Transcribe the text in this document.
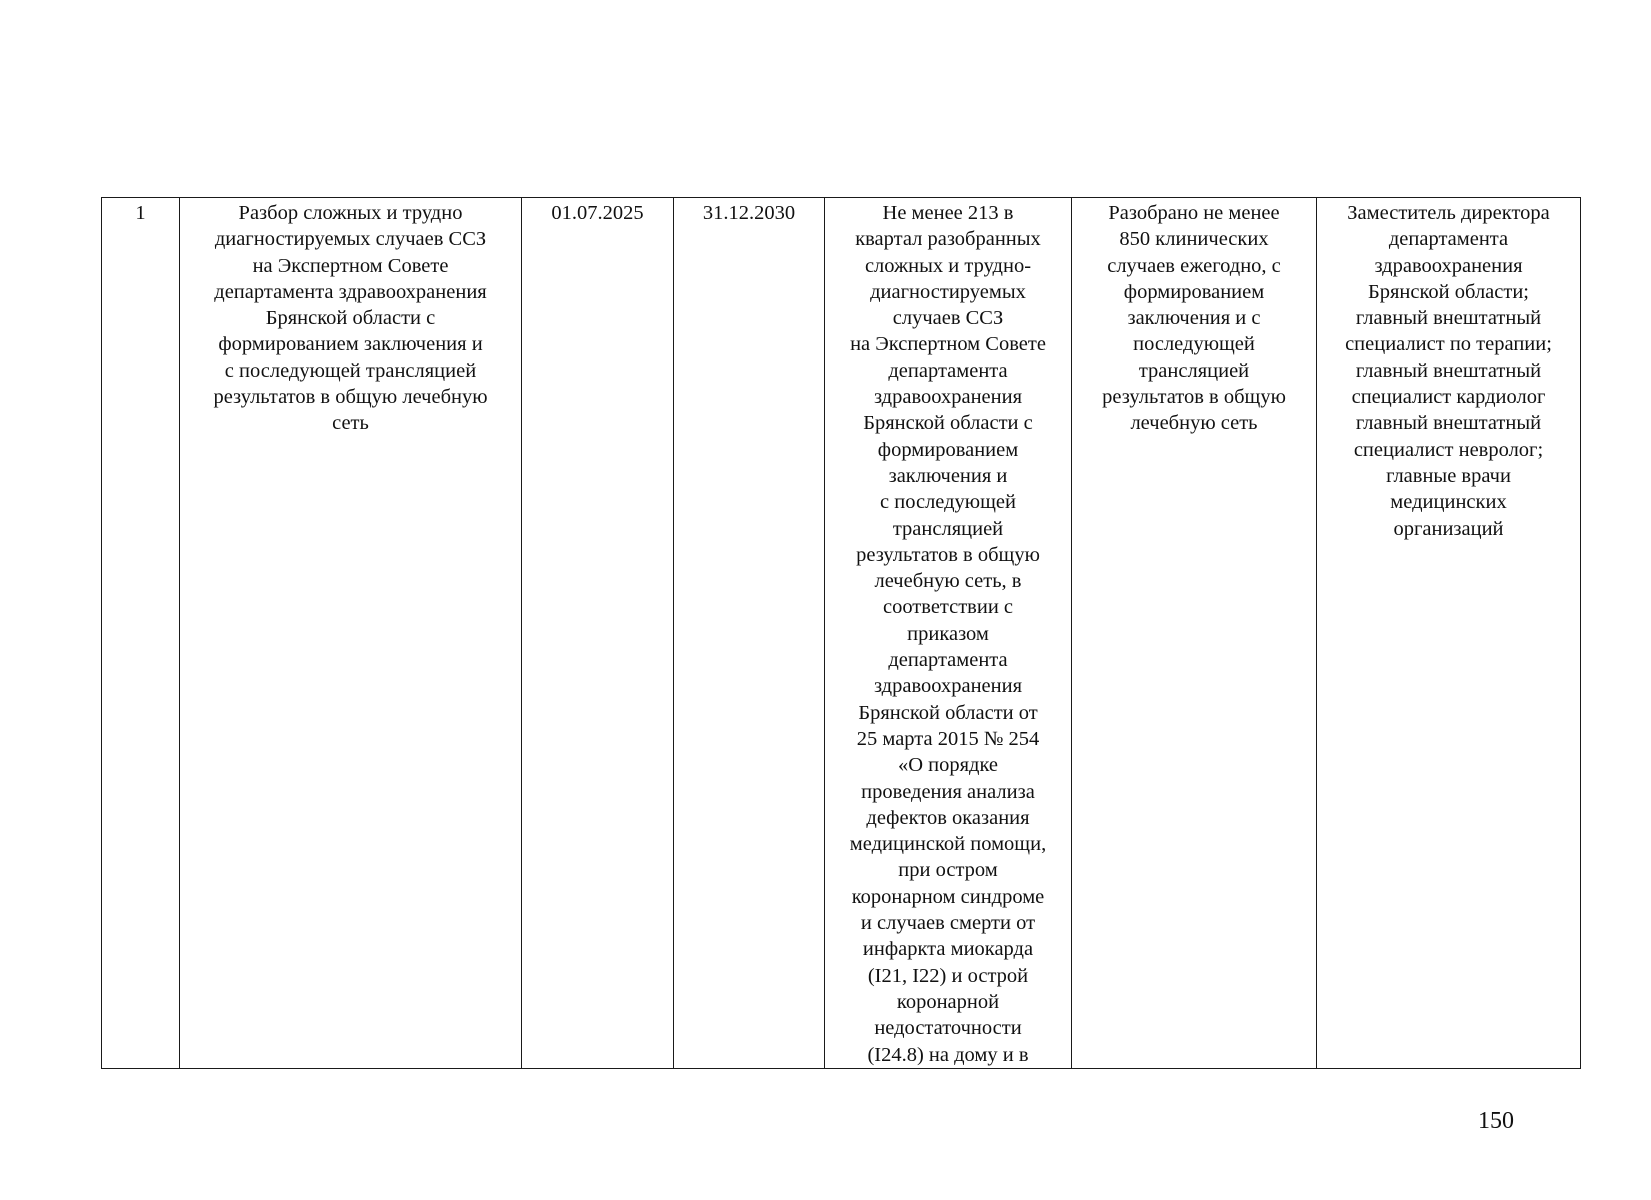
1	Разбор сложных и трудно
диагностируемых случаев ССЗ
на Экспертном Совете
департамента здравоохранения
Брянской области с
формированием заключения и
с последующей трансляцией
результатов в общую лечебную
сеть	01.07.2025	31.12.2030	Не менее 213 в
квартал разобранных
сложных и трудно-
диагностируемых
случаев ССЗ
на Экспертном Совете
департамента
здравоохранения
Брянской области с
формированием
заключения и
с последующей
трансляцией
результатов в общую
лечебную сеть, в
соответствии с
приказом
департамента
здравоохранения
Брянской области от
25 марта 2015 № 254
«О порядке
проведения анализа
дефектов оказания
медицинской помощи,
при остром
коронарном синдроме
и случаев смерти от
инфаркта миокарда
(I21, I22) и острой
коронарной
недостаточности
(I24.8) на дому и в	Разобрано не менее
850 клинических
случаев ежегодно, с
формированием
заключения и с
последующей
трансляцией
результатов в общую
лечебную сеть	Заместитель директора
департамента
здравоохранения
Брянской области;
главный внештатный
специалист по терапии;
главный внештатный
специалист кардиолог
главный внештатный
специалист невролог;
главные врачи
медицинских
организаций
150
